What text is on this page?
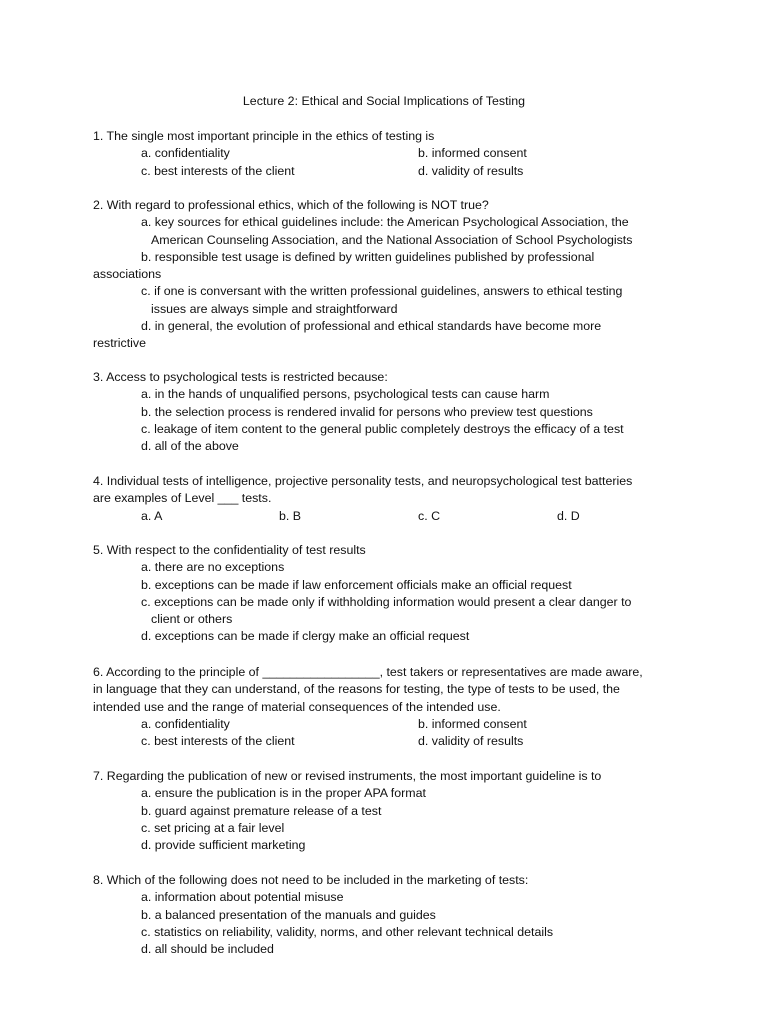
Lecture 2: Ethical and Social Implications of Testing
1. The single most important principle in the ethics of testing is
a. confidentiality	b. informed consent
c. best interests of the client	d. validity of results
2. With regard to professional ethics, which of the following is NOT true?
a. key sources for ethical guidelines include: the American Psychological Association, the
American Counseling Association, and the National Association of School Psychologists
b. responsible test usage is defined by written guidelines published by professional
associations
c. if one is conversant with the written professional guidelines, answers to ethical testing
issues are always simple and straightforward
d. in general, the evolution of professional and ethical standards have become more
restrictive
3. Access to psychological tests is restricted because:
a. in the hands of unqualified persons, psychological tests can cause harm
b. the selection process is rendered invalid for persons who preview test questions
c. leakage of item content to the general public completely destroys the efficacy of a test
d. all of the above
4. Individual tests of intelligence, projective personality tests, and neuropsychological test batteries
are examples of Level ___ tests.
a. A	b. B	c. C	d. D
5. With respect to the confidentiality of test results
a. there are no exceptions
b. exceptions can be made if law enforcement officials make an official request
c. exceptions can be made only if withholding information would present a clear danger to
client or others
d. exceptions can be made if clergy make an official request
6. According to the principle of _________________, test takers or representatives are made aware,
in language that they can understand, of the reasons for testing, the type of tests to be used, the
intended use and the range of material consequences of the intended use.
a. confidentiality	b. informed consent
c. best interests of the client	d. validity of results
7. Regarding the publication of new or revised instruments, the most important guideline is to
a. ensure the publication is in the proper APA format
b. guard against premature release of a test
c. set pricing at a fair level
d. provide sufficient marketing
8. Which of the following does not need to be included in the marketing of tests:
a. information about potential misuse
b. a balanced presentation of the manuals and guides
c. statistics on reliability, validity, norms, and other relevant technical details
d. all should be included
